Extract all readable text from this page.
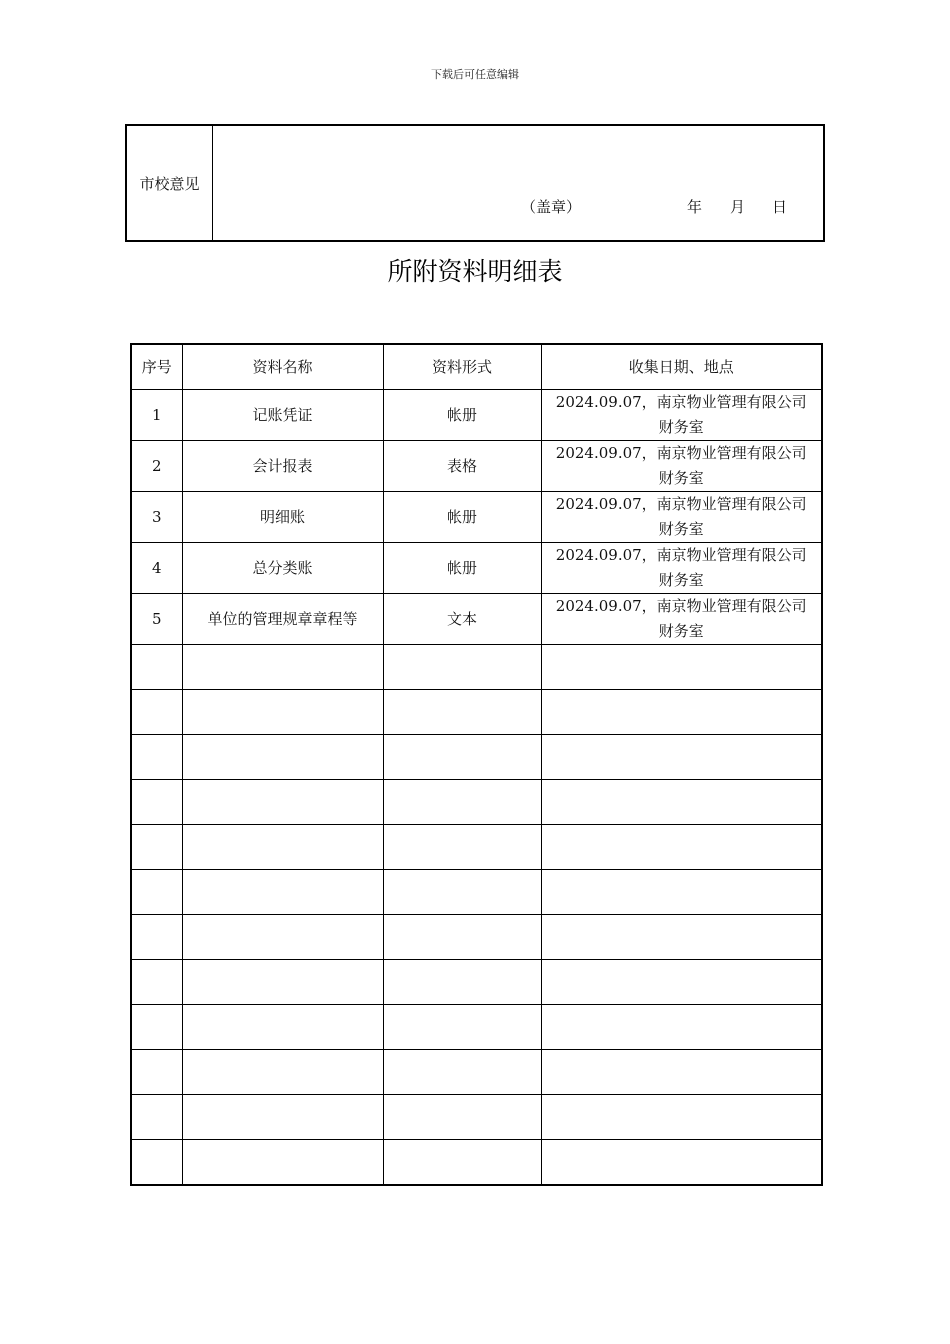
下载后可任意编辑
市校意见
（盖章）	年 月 日
所附资料明细表
序号	资料名称	资料形式	收集日期、地点
1	记账凭证	帐册	2024.09.07，南京物业管理有限公司
财务室
2	会计报表	表格	2024.09.07，南京物业管理有限公司
财务室
3	明细账	帐册	2024.09.07，南京物业管理有限公司
财务室
4	总分类账	帐册	2024.09.07，南京物业管理有限公司
财务室
5	单位的管理规章章程等	文本	2024.09.07，南京物业管理有限公司
财务室
